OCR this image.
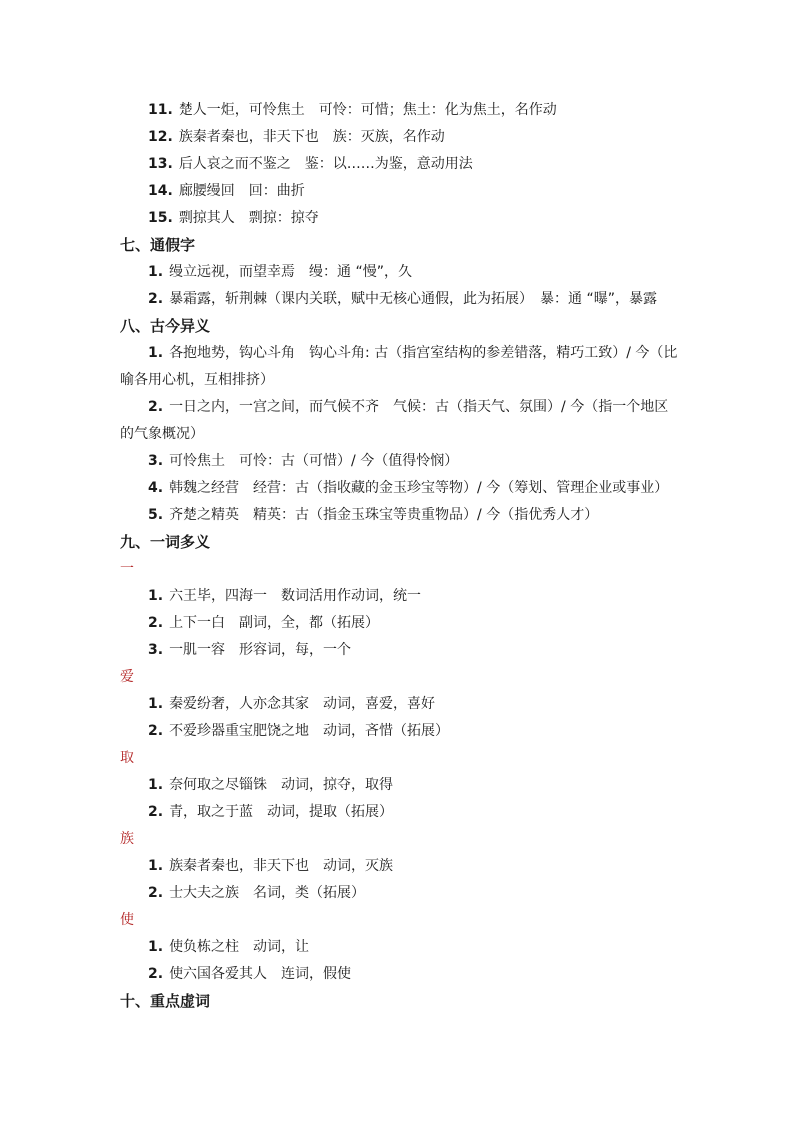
11. 楚人一炬，可怜焦土　可怜：可惜；焦土：化为焦土，名作动
12. 族秦者秦也，非天下也　族：灭族，名作动
13. 后人哀之而不鉴之　鉴：以……为鉴，意动用法
14. 廊腰缦回　回：曲折
15. 剽掠其人　剽掠：掠夺
七、通假字
1. 缦立远视，而望幸焉　缦：通 “慢”，久
2. 暴霜露，斩荆棘（课内关联，赋中无核心通假，此为拓展）　暴：通 “曝”，暴露
八、古今异义
1. 各抱地势，钩心斗角　钩心斗角: 古（指宫室结构的参差错落，精巧工致）/ 今（比
喻各用心机，互相排挤）
2. 一日之内，一宫之间，而气候不齐　气候：古（指天气、氛围）/ 今（指一个地区
的气象概况）
3. 可怜焦土　可怜：古（可惜）/ 今（值得怜悯）
4. 韩魏之经营　经营：古（指收藏的金玉珍宝等物）/ 今（筹划、管理企业或事业）
5. 齐楚之精英　精英：古（指金玉珠宝等贵重物品）/ 今（指优秀人才）
九、一词多义
一
1. 六王毕，四海一　数词活用作动词，统一
2. 上下一白　副词，全，都（拓展）
3. 一肌一容　形容词，每，一个
爱
1. 秦爱纷奢，人亦念其家　动词，喜爱，喜好
2. 不爱珍器重宝肥饶之地　动词，吝惜（拓展）
取
1. 奈何取之尽锱铢　动词，掠夺，取得
2. 青，取之于蓝　动词，提取（拓展）
族
1. 族秦者秦也，非天下也　动词，灭族
2. 士大夫之族　名词，类（拓展）
使
1. 使负栋之柱　动词，让
2. 使六国各爱其人　连词，假使
十、重点虚词
